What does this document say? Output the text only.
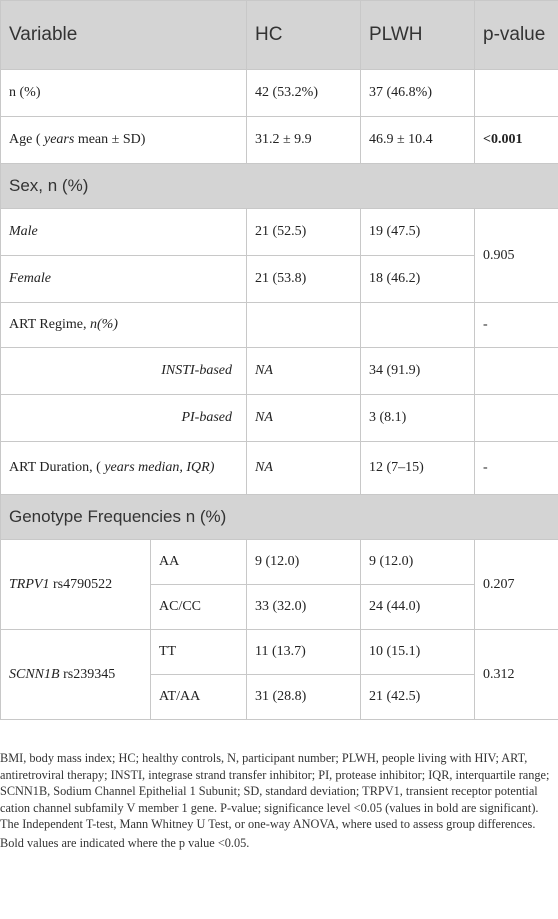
Variable		HC	PLWH	p-value
n (%)		42 (53.2%)	37 (46.8%)	
Age ( years mean ± SD)		31.2 ± 9.9	46.9 ± 10.4	<0.001
Sex, n (%)				
Male		21 (52.5)	19 (47.5)	0.905
Female		21 (53.8)	18 (46.2)	
ART Regime, n(%)				-
INSTI-based		NA	34 (91.9)	
PI-based		NA	3 (8.1)	
ART Duration, ( years median, IQR)		NA	12 (7–15)	-
Genotype Frequencies n (%)				
TRPV1 rs4790522	AA	9 (12.0)	9 (12.0)	0.207
	AC/CC	33 (32.0)	24 (44.0)	
SCNN1B rs239345	TT	11 (13.7)	10 (15.1)	0.312
	AT/AA	31 (28.8)	21 (42.5)	

BMI, body mass index; HC; healthy controls, N, participant number; PLWH, people living with HIV; ART, antiretroviral therapy; INSTI, integrase strand transfer inhibitor; PI, protease inhibitor; IQR, interquartile range; SCNN1B, Sodium Channel Epithelial 1 Subunit; SD, standard deviation; TRPV1, transient receptor potential cation channel subfamily V member 1 gene. P-value; significance level <0.05 (values in bold are significant). The Independent T-test, Mann Whitney U Test, or one-way ANOVA, where used to assess group differences.

Bold values are indicated where the p value <0.05.
